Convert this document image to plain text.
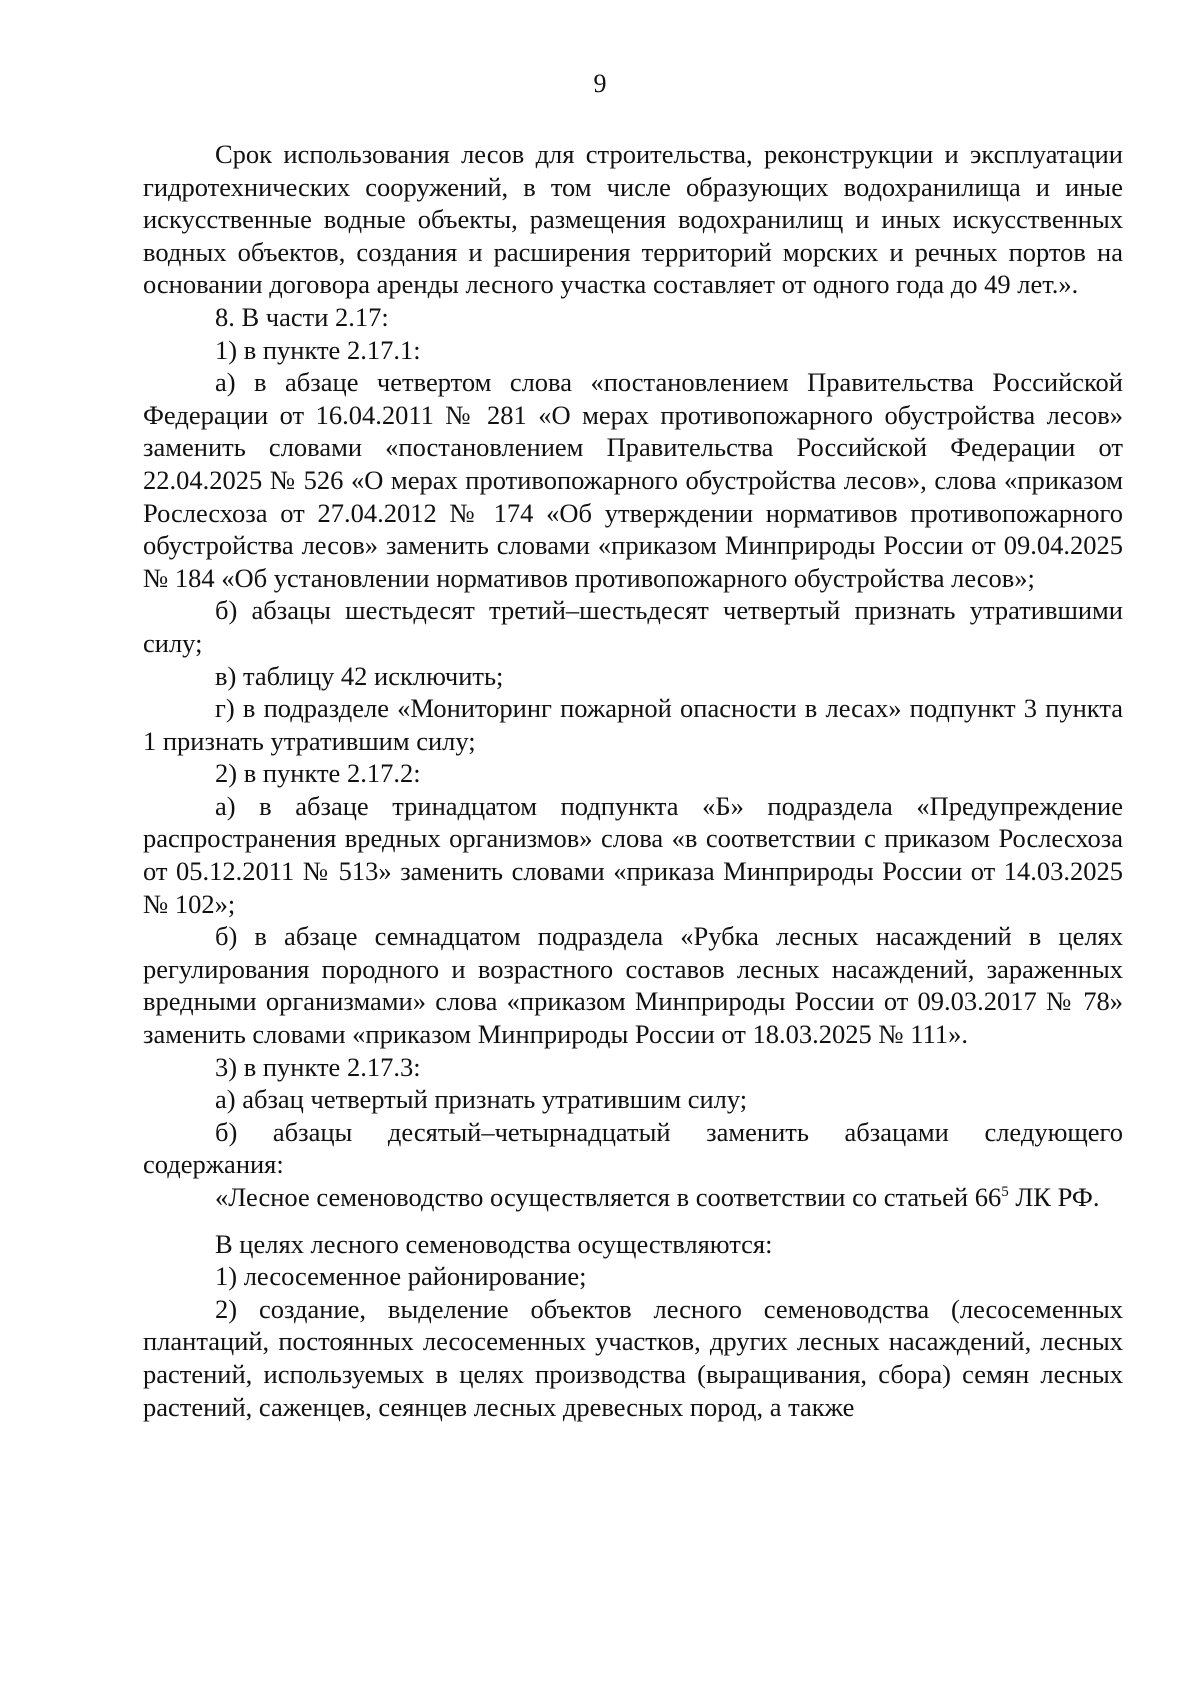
9

Срок использования лесов для строительства, реконструкции и эксплуатации гидротехнических сооружений, в том числе образующих водохранилища и иные искусственные водные объекты, размещения водохранилищ и иных искусственных водных объектов, создания и расширения территорий морских и речных портов на основании договора аренды лесного участка составляет от одного года до 49 лет.».

8. В части 2.17:

1) в пункте 2.17.1:

а) в абзаце четвертом слова «постановлением Правительства Российской Федерации от 16.04.2011 № 281 «О мерах противопожарного обустройства лесов» заменить словами «постановлением Правительства Российской Федерации от 22.04.2025 № 526 «О мерах противопожарного обустройства лесов», слова «приказом Рослесхоза от 27.04.2012 № 174 «Об утверждении нормативов противопожарного обустройства лесов» заменить словами «приказом Минприроды России от 09.04.2025 № 184 «Об установлении нормативов противопожарного обустройства лесов»;

б) абзацы шестьдесят третий–шестьдесят четвертый признать утратившими силу;

в) таблицу 42 исключить;

г) в подразделе «Мониторинг пожарной опасности в лесах» подпункт 3 пункта 1 признать утратившим силу;

2) в пункте 2.17.2:

а) в абзаце тринадцатом подпункта «Б» подраздела «Предупреждение распространения вредных организмов» слова «в соответствии с приказом Рослесхоза от 05.12.2011 № 513» заменить словами «приказа Минприроды России от 14.03.2025 № 102»;

б) в абзаце семнадцатом подраздела «Рубка лесных насаждений в целях регулирования породного и возрастного составов лесных насаждений, зараженных вредными организмами» слова «приказом Минприроды России от 09.03.2017 № 78» заменить словами «приказом Минприроды России от 18.03.2025 № 111».

3) в пункте 2.17.3:

а) абзац четвертый признать утратившим силу;

б) абзацы десятый–четырнадцатый заменить абзацами следующего содержания:

«Лесное семеноводство осуществляется в соответствии со статьей $66^5$ ЛК РФ.

В целях лесного семеноводства осуществляются:

1) лесосеменное районирование;

2) создание, выделение объектов лесного семеноводства (лесосеменных плантаций, постоянных лесосеменных участков, других лесных насаждений, лесных растений, используемых в целях производства (выращивания, сбора) семян лесных растений, саженцев, сеянцев лесных древесных пород, а также
